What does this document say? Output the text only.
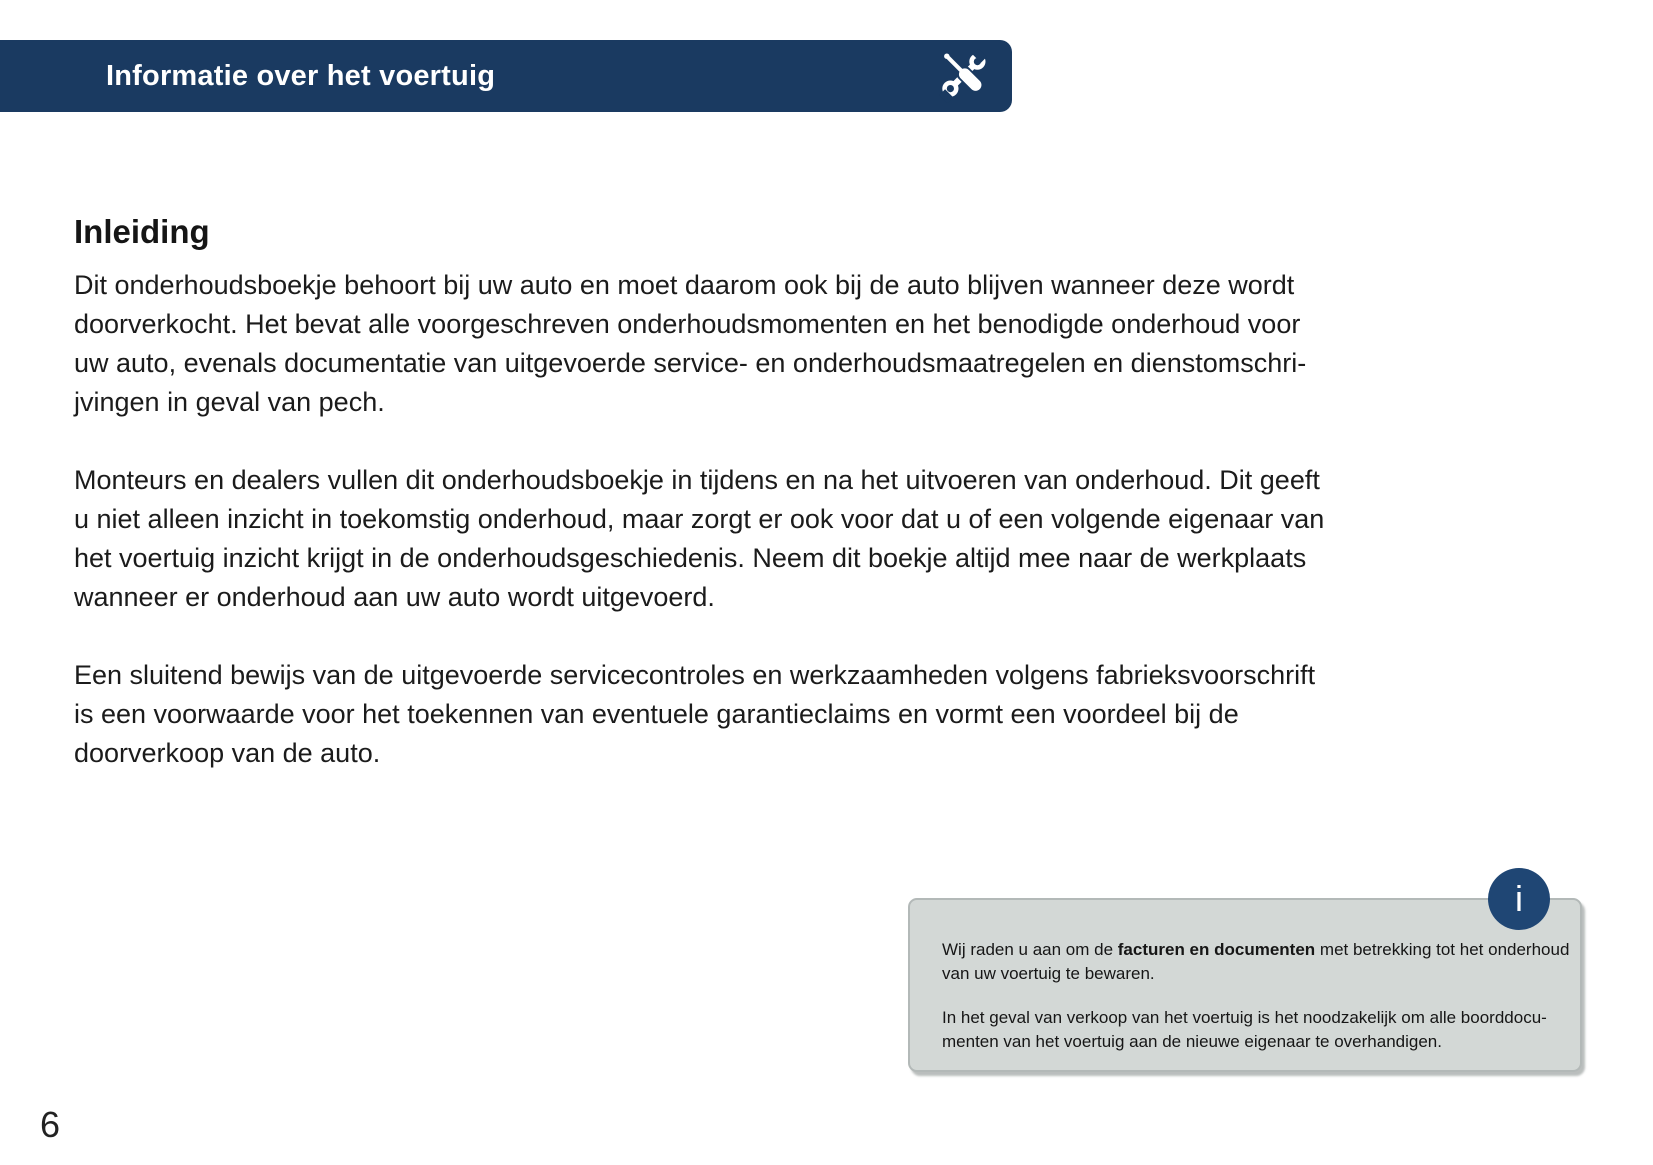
Informatie over het voertuig
Inleiding
Dit onderhoudsboekje behoort bij uw auto en moet daarom ook bij de auto blijven wanneer deze wordt
doorverkocht. Het bevat alle voorgeschreven onderhoudsmomenten en het benodigde onderhoud voor
uw auto, evenals documentatie van uitgevoerde service- en onderhoudsmaatregelen en dienstomschri-
jvingen in geval van pech.
Monteurs en dealers vullen dit onderhoudsboekje in tijdens en na het uitvoeren van onderhoud. Dit geeft
u niet alleen inzicht in toekomstig onderhoud, maar zorgt er ook voor dat u of een volgende eigenaar van
het voertuig inzicht krijgt in de onderhoudsgeschiedenis. Neem dit boekje altijd mee naar de werkplaats
wanneer er onderhoud aan uw auto wordt uitgevoerd.
Een sluitend bewijs van de uitgevoerde servicecontroles en werkzaamheden volgens fabrieksvoorschrift
is een voorwaarde voor het toekennen van eventuele garantieclaims en vormt een voordeel bij de
doorverkoop van de auto.
Wij raden u aan om de facturen en documenten met betrekking tot het onderhoud
van uw voertuig te bewaren.
In het geval van verkoop van het voertuig is het noodzakelijk om alle boorddocu-
menten van het voertuig aan de nieuwe eigenaar te overhandigen.
i
6
